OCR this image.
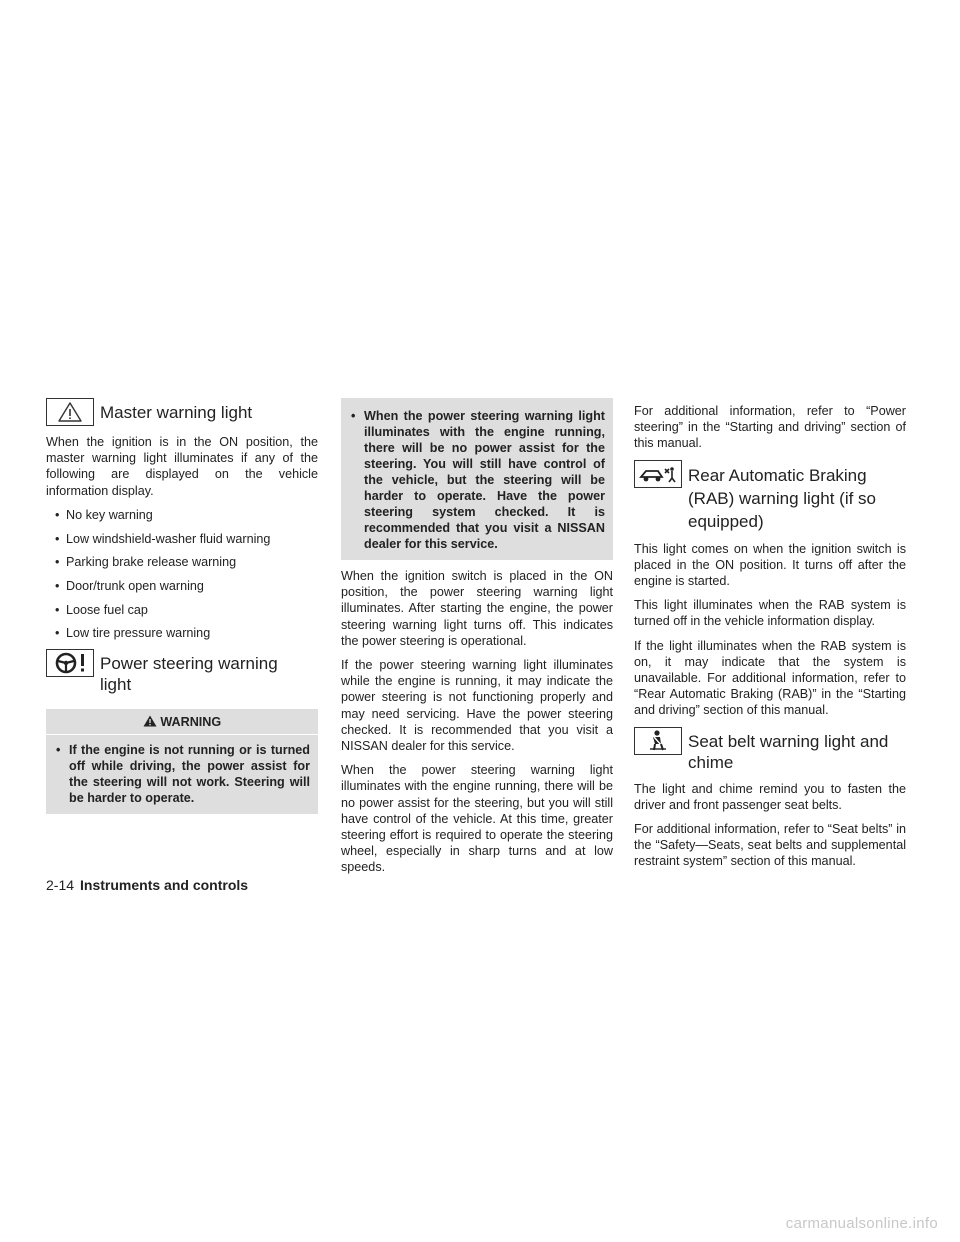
Master warning light

When the ignition is in the ON position, the master warning light illuminates if any of the following are displayed on the vehicle information display.

• No key warning
• Low windshield-washer fluid warning
• Parking brake release warning
• Door/trunk open warning
• Loose fuel cap
• Low tire pressure warning
Power steering warning light
WARNING
• If the engine is not running or is turned off while driving, the power assist for the steering will not work. Steering will be harder to operate.
• When the power steering warning light illuminates with the engine running, there will be no power assist for the steering. You will still have control of the vehicle, but the steering will be harder to operate. Have the power steering system checked. It is recommended that you visit a NISSAN dealer for this service.

When the ignition switch is placed in the ON position, the power steering warning light illuminates. After starting the engine, the power steering warning light turns off. This indicates the power steering is operational.

If the power steering warning light illuminates while the engine is running, it may indicate the power steering is not functioning properly and may need servicing. Have the power steering checked. It is recommended that you visit a NISSAN dealer for this service.

When the power steering warning light illuminates with the engine running, there will be no power assist for the steering, but you will still have control of the vehicle. At this time, greater steering effort is required to operate the steering wheel, especially in sharp turns and at low speeds.

For additional information, refer to “Power steering” in the “Starting and driving” section of this manual.

Rear Automatic Braking (RAB) warning light (if so equipped)

This light comes on when the ignition switch is placed in the ON position. It turns off after the engine is started.

This light illuminates when the RAB system is turned off in the vehicle information display.

If the light illuminates when the RAB system is on, it may indicate that the system is unavailable. For additional information, refer to “Rear Automatic Braking (RAB)” in the “Starting and driving” section of this manual.

Seat belt warning light and chime

The light and chime remind you to fasten the driver and front passenger seat belts.

For additional information, refer to “Seat belts” in the “Safety—Seats, seat belts and supplemental restraint system” section of this manual.

2-14 Instruments and controls
carmanualsonline.info
